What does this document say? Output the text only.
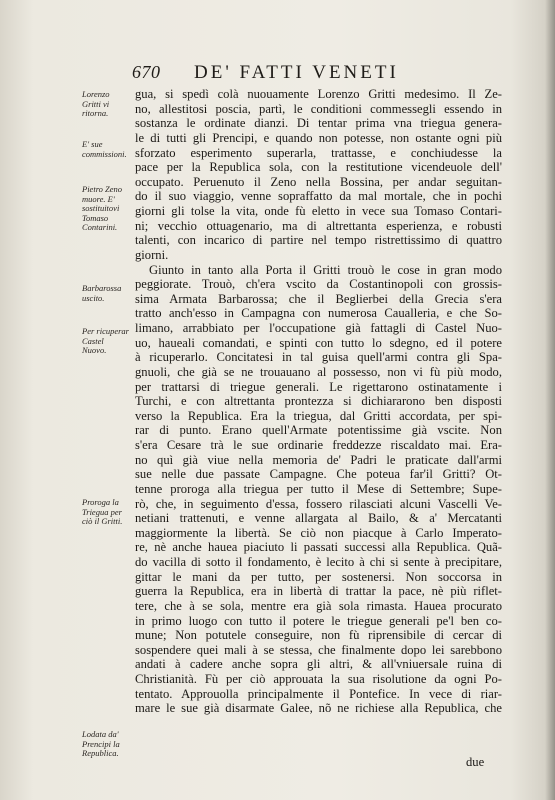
670 DE' FATTI VENETI
Lorenzo Gritti vi ritorna.
E' sue commissioni.
Pietro Zeno muore. E' sostituitovi Tomaso Contarini.
Barbarossa uscito.
Per ricuperar Castel Nuovo.
Proroga la Triegua per ciò il Gritti.
Lodata da' Prencipi la Republica.
gua, si spedì colà nuouamente Lorenzo Gritti medesimo. Il Ze-
no, allestitosi poscia, partì, le conditioni commessegli essendo in
sostanza le ordinate dianzi. Di tentar prima vna triegua genera-
le di tutti gli Prencipi, e quando non potesse, non ostante ogni più
sforzato esperimento superarla, trattasse, e conchiudesse la
pace per la Republica sola, con la restitutione vicendeuole dell'
occupato. Peruenuto il Zeno nella Bossina, per andar seguitan-
do il suo viaggio, venne sopraffatto da mal mortale, che in pochi
giorni gli tolse la vita, onde fù eletto in vece sua Tomaso Contari-
ni; vecchio ottuagenario, ma di altrettanta esperienza, e robusti
talenti, con incarico di partire nel tempo ristrettissimo di quattro
giorni.
Giunto in tanto alla Porta il Gritti trouò le cose in gran modo
peggiorate. Trouò, ch'era vscito da Costantinopoli con grossis-
sima Armata Barbarossa; che il Beglierbei della Grecia s'era
tratto anch'esso in Campagna con numerosa Caualleria, e che So-
limano, arrabbiato per l'occupatione già fattagli di Castel Nuo-
uo, haueali comandati, e spinti con tutto lo sdegno, ed il potere
à ricuperarlo. Concitatesi in tal guisa quell'armi contra gli Spa-
gnuoli, che già se ne trouauano al possesso, non vi fù più modo,
per trattarsi di triegue generali. Le rigettarono ostinatamente i
Turchi, e con altrettanta prontezza si dichiararono ben disposti
verso la Republica. Era la triegua, dal Gritti accordata, per spi-
rar di punto. Erano quell'Armate potentissime già vscite. Non
s'era Cesare trà le sue ordinarie freddezze riscaldato mai. Era-
no quì già viue nella memoria de' Padri le praticate dall'armi
sue nelle due passate Campagne. Che poteua far'il Gritti? Ot-
tenne proroga alla triegua per tutto il Mese di Settembre; Supe-
rò, che, in seguimento d'essa, fossero rilasciati alcuni Vascelli Ve-
netiani trattenuti, e venne allargata al Bailo, & a' Mercatanti
maggiormente la libertà. Se ciò non piacque à Carlo Imperato-
re, nè anche hauea piaciuto li passati successi alla Republica. Quã-
do vacilla di sotto il fondamento, è lecito à chi si sente à precipitare,
gittar le mani da per tutto, per sostenersi. Non soccorsa in
guerra la Republica, era in libertà di trattar la pace, nè più riflet-
tere, che à se sola, mentre era già sola rimasta. Hauea procurato
in primo luogo con tutto il potere le triegue generali pe'l ben co-
mune; Non potutele conseguire, non fù riprensibile di cercar di
sospendere quei mali à se stessa, che finalmente dopo lei sarebbono
andati à cadere anche sopra gli altri, & all'vniuersale ruina di
Christianità. Fù per ciò approuata la sua risolutione da ogni Po-
tentato. Approuolla principalmente il Pontefice. In vece di riar-
mare le sue già disarmate Galee, nõ ne richiese alla Republica, che
due
